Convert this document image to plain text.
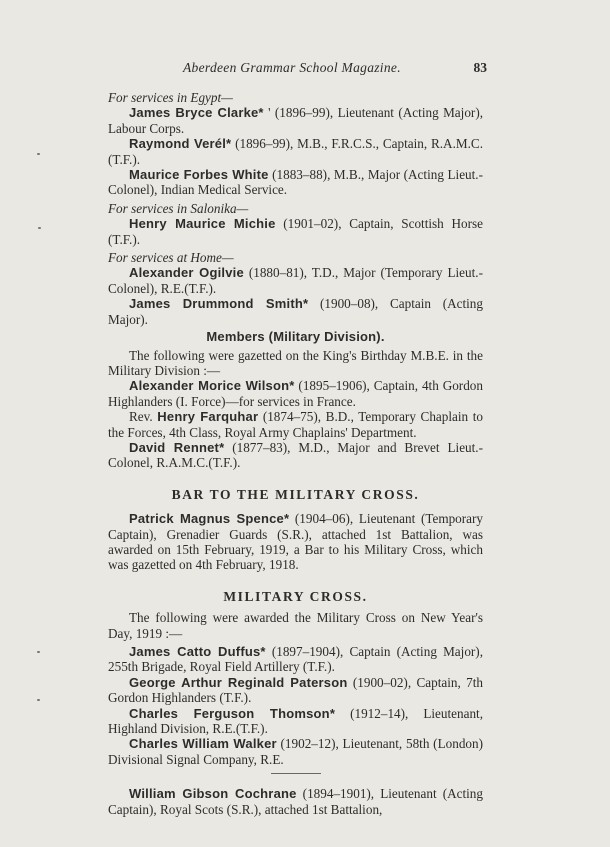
Aberdeen Grammar School Magazine.	83

For services in Egypt—

James Bryce Clarke* ' (1896–99), Lieutenant (Acting Major), Labour Corps.

Raymond Verél* (1896–99), M.B., F.R.C.S., Captain, R.A.M.C. (T.F.).

Maurice Forbes White (1883–88), M.B., Major (Acting Lieut.-Colonel), Indian Medical Service.

For services in Salonika—

Henry Maurice Michie (1901–02), Captain, Scottish Horse (T.F.).

For services at Home—

Alexander Ogilvie (1880–81), T.D., Major (Temporary Lieut.-Colonel), R.E.(T.F.).

James Drummond Smith* (1900–08), Captain (Acting Major).

Members (Military Division).

The following were gazetted on the King's Birthday M.B.E. in the Military Division :—

Alexander Morice Wilson* (1895–1906), Captain, 4th Gordon Highlanders (I. Force)—for services in France.

Rev. Henry Farquhar (1874–75), B.D., Temporary Chaplain to the Forces, 4th Class, Royal Army Chaplains' Department.

David Rennet* (1877–83), M.D., Major and Brevet Lieut.-Colonel, R.A.M.C.(T.F.).

BAR TO THE MILITARY CROSS.

Patrick Magnus Spence* (1904–06), Lieutenant (Temporary Captain), Grenadier Guards (S.R.), attached 1st Battalion, was awarded on 15th February, 1919, a Bar to his Military Cross, which was gazetted on 4th February, 1918.

MILITARY CROSS.

The following were awarded the Military Cross on New Year's Day, 1919 :—

James Catto Duffus* (1897–1904), Captain (Acting Major), 255th Brigade, Royal Field Artillery (T.F.).

George Arthur Reginald Paterson (1900–02), Captain, 7th Gordon Highlanders (T.F.).

Charles Ferguson Thomson* (1912–14), Lieutenant, Highland Division, R.E.(T.F.).

Charles William Walker (1902–12), Lieutenant, 58th (London) Divisional Signal Company, R.E.

William Gibson Cochrane (1894–1901), Lieutenant (Acting Captain), Royal Scots (S.R.), attached 1st Battalion,
